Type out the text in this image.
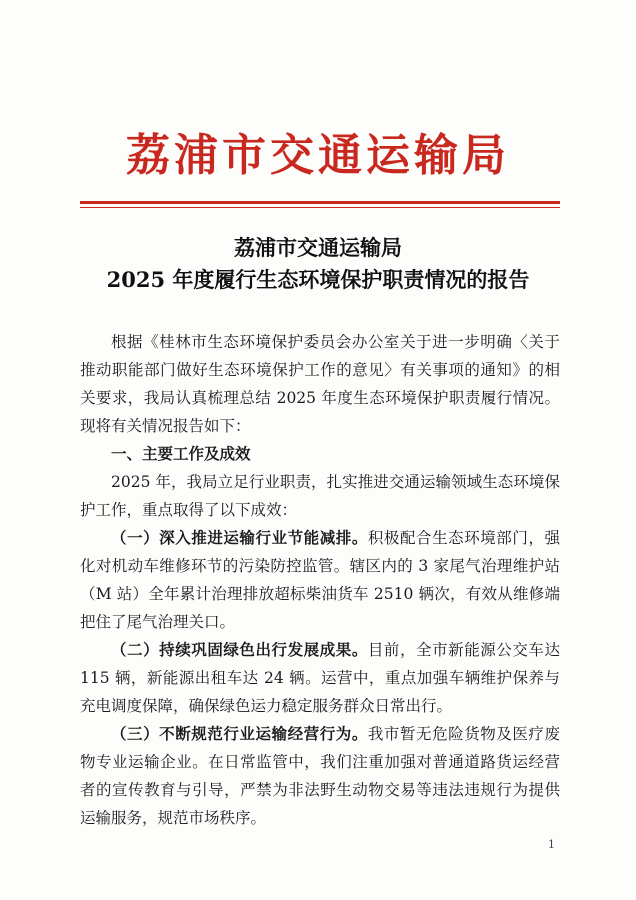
荔浦市交通运输局
荔浦市交通运输局
2025 年度履行生态环境保护职责情况的报告

根据《桂林市生态环境保护委员会办公室关于进一步明确〈关于推动职能部门做好生态环境保护工作的意见〉有关事项的通知》的相关要求，我局认真梳理总结 2025 年度生态环境保护职责履行情况。现将有关情况报告如下：

一、主要工作及成效

2025 年，我局立足行业职责，扎实推进交通运输领域生态环境保护工作，重点取得了以下成效：

（一）深入推进运输行业节能减排。积极配合生态环境部门，强化对机动车维修环节的污染防控监管。辖区内的 3 家尾气治理维护站（M 站）全年累计治理排放超标柴油货车 2510 辆次，有效从维修端把住了尾气治理关口。

（二）持续巩固绿色出行发展成果。目前，全市新能源公交车达 115 辆，新能源出租车达 24 辆。运营中，重点加强车辆维护保养与充电调度保障，确保绿色运力稳定服务群众日常出行。

（三）不断规范行业运输经营行为。我市暂无危险货物及医疗废物专业运输企业。在日常监管中，我们注重加强对普通道路货运经营者的宣传教育与引导，严禁为非法野生动物交易等违法违规行为提供运输服务，规范市场秩序。

1
